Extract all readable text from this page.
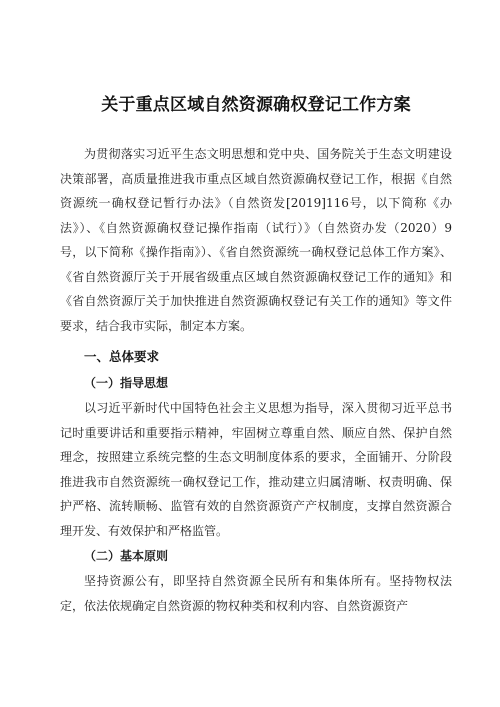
关于重点区域自然资源确权登记工作方案

为贯彻落实习近平生态文明思想和党中央、国务院关于生态文明建设决策部署，高质量推进我市重点区域自然资源确权登记工作，根据《自然资源统一确权登记暂行办法》（自然资发[2019]116号，以下简称《办法》）、《自然资源确权登记操作指南（试行）》（自然资办发（2020）9号，以下简称《操作指南》）、《省自然资源统一确权登记总体工作方案》、《省自然资源厅关于开展省级重点区域自然资源确权登记工作的通知》和《省自然资源厅关于加快推进自然资源确权登记有关工作的通知》等文件要求，结合我市实际，制定本方案。

一、总体要求
（一）指导思想

以习近平新时代中国特色社会主义思想为指导，深入贯彻习近平总书记时重要讲话和重要指示精神，牢固树立尊重自然、顺应自然、保护自然理念，按照建立系统完整的生态文明制度体系的要求，全面铺开、分阶段推进我市自然资源统一确权登记工作，推动建立归属清晰、权责明确、保护严格、流转顺畅、监管有效的自然资源资产产权制度，支撑自然资源合理开发、有效保护和严格监管。

（二）基本原则

坚持资源公有，即坚持自然资源全民所有和集体所有。坚持物权法定，依法依规确定自然资源的物权种类和权利内容、自然资源资产
